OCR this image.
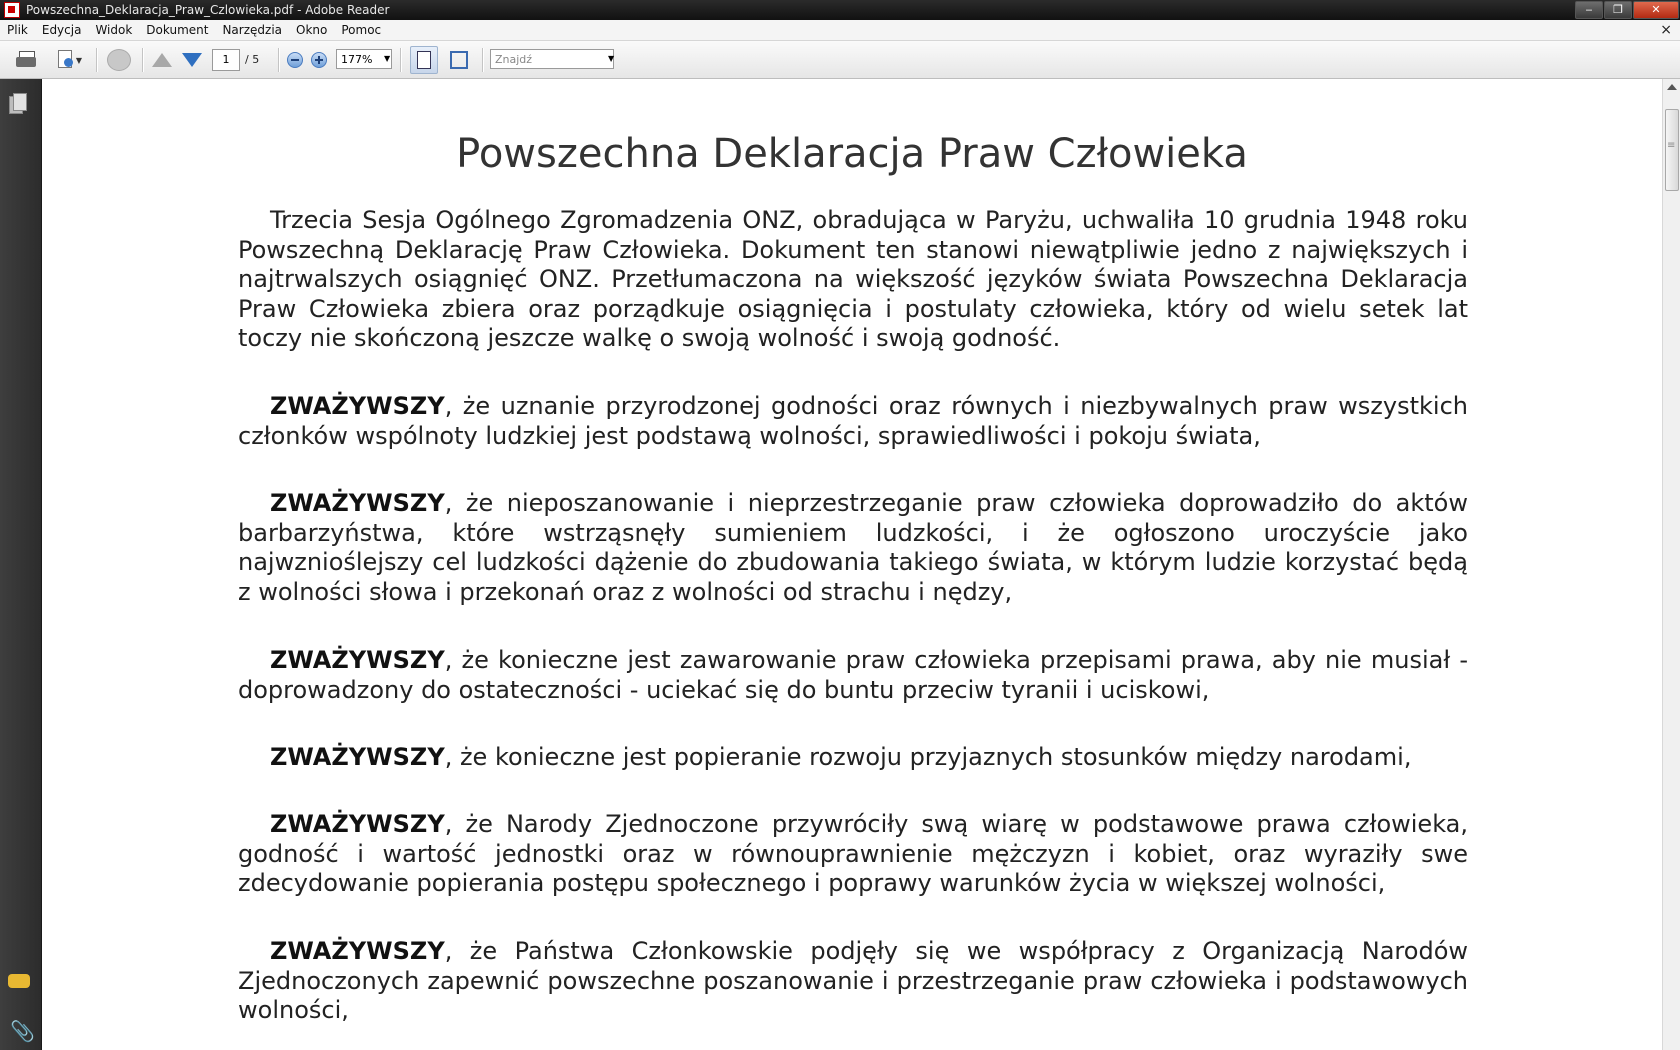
Powszechna_Deklaracja_Praw_Czlowieka.pdf - Adobe Reader	‒	❐	✕
Plik	Edycja	Widok	Dokument	Narzędzia	Okno	Pomoc	×
▼	1	/ 5	177%	▼	Znajdź	▼
📎
Powszechna Deklaracja Praw Człowieka

Trzecia Sesja Ogólnego Zgromadzenia ONZ, obradująca w Paryżu, uchwaliła 10 grudnia 1948 roku Powszechną Deklarację Praw Człowieka. Dokument ten stanowi niewątpliwie jedno z największych i najtrwalszych osiągnięć ONZ. Przetłumaczona na większość języków świata Powszechna Deklaracja Praw Człowieka zbiera oraz porządkuje osiągnięcia i postulaty człowieka, który od wielu setek lat toczy nie skończoną jeszcze walkę o swoją wolność i swoją godność.

ZWAŻYWSZY, że uznanie przyrodzonej godności oraz równych i niezbywalnych praw wszystkich członków wspólnoty ludzkiej jest podstawą wolności, sprawiedliwości i pokoju świata,

ZWAŻYWSZY, że nieposzanowanie i nieprzestrzeganie praw człowieka doprowadziło do aktów barbarzyństwa, które wstrząsnęły sumieniem ludzkości, i że ogłoszono uroczyście jako najwznioślejszy cel ludzkości dążenie do zbudowania takiego świata, w którym ludzie korzystać będą z wolności słowa i przekonań oraz z wolności od strachu i nędzy,

ZWAŻYWSZY, że konieczne jest zawarowanie praw człowieka przepisami prawa, aby nie musiał - doprowadzony do ostateczności - uciekać się do buntu przeciw tyranii i uciskowi,

ZWAŻYWSZY, że konieczne jest popieranie rozwoju przyjaznych stosunków między narodami,

ZWAŻYWSZY, że Narody Zjednoczone przywróciły swą wiarę w podstawowe prawa człowieka, godność i wartość jednostki oraz w równouprawnienie mężczyzn i kobiet, oraz wyraziły swe zdecydowanie popierania postępu społecznego i poprawy warunków życia w większej wolności,

ZWAŻYWSZY, że Państwa Członkowskie podjęły się we współpracy z Organizacją Narodów Zjednoczonych zapewnić powszechne poszanowanie i przestrzeganie praw człowieka i podstawowych wolności,

≡
